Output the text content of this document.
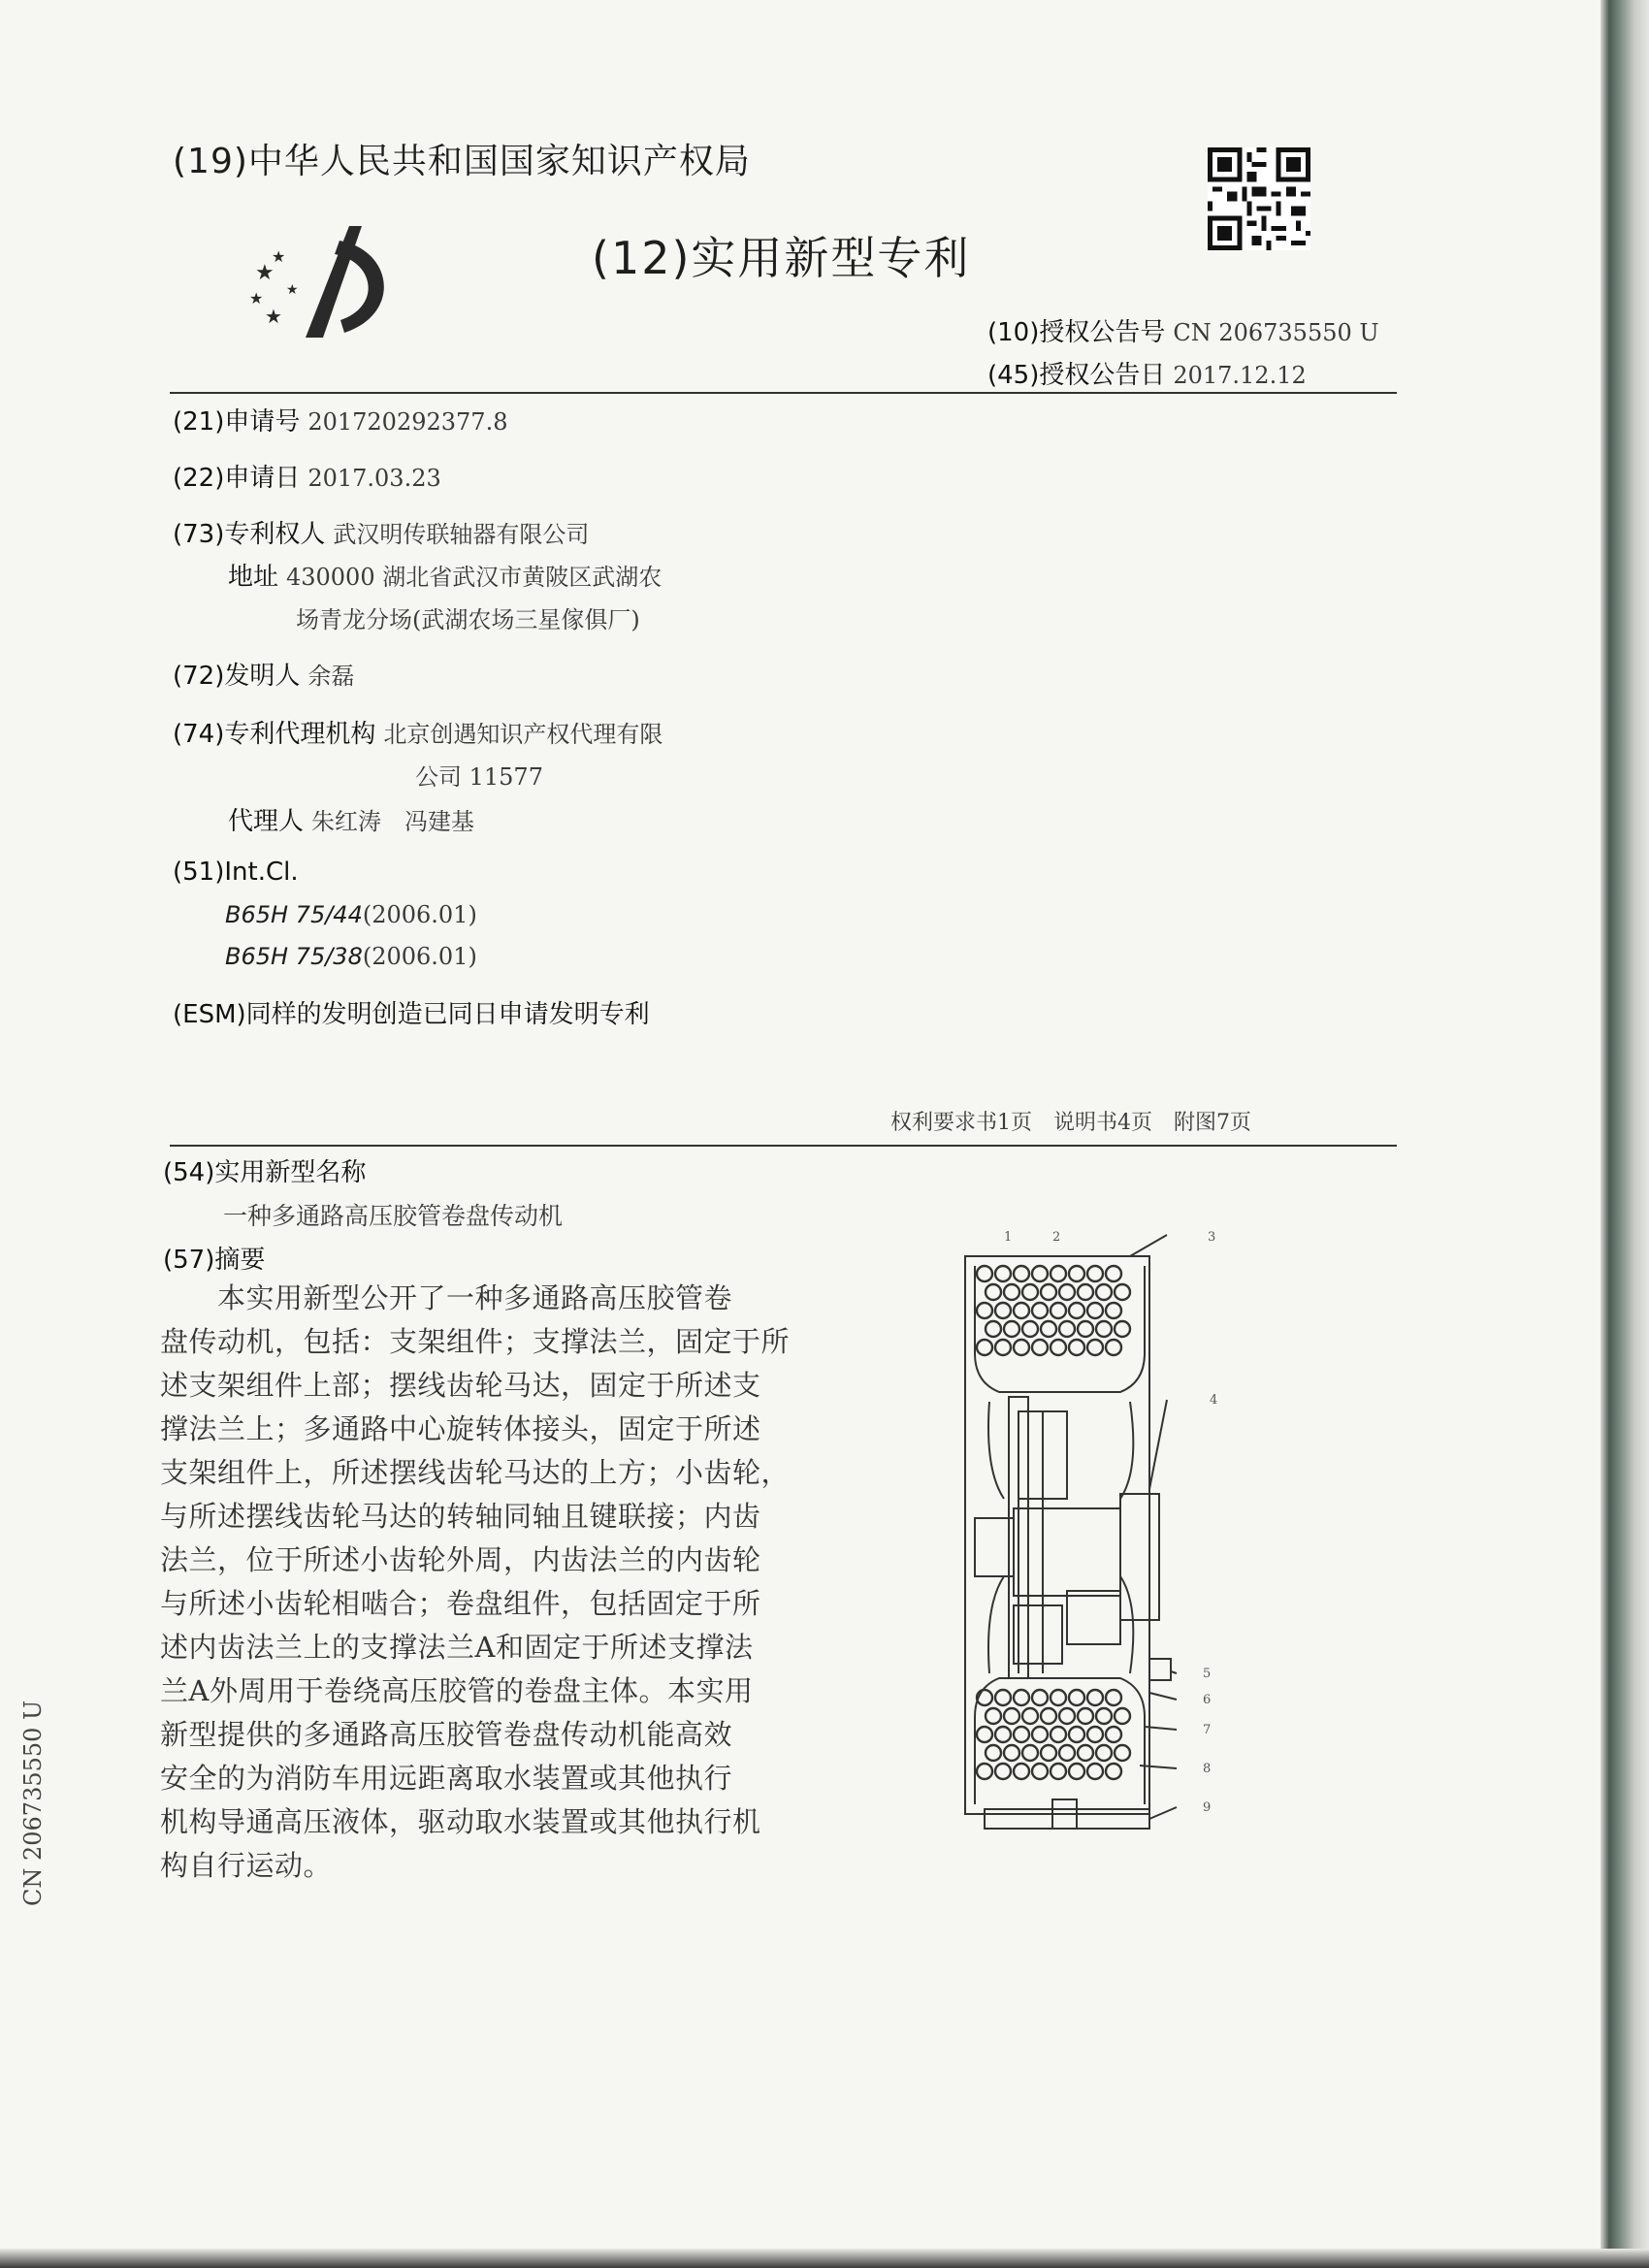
(19)中华人民共和国国家知识产权局
★
★
★
★
★
(12)实用新型专利
(10)授权公告号 CN 206735550 U
(45)授权公告日 2017.12.12
(21)申请号 201720292377.8
(22)申请日 2017.03.23
(73)专利权人 武汉明传联轴器有限公司
地址 430000 湖北省武汉市黄陂区武湖农
场青龙分场(武湖农场三星傢俱厂)
(72)发明人 余磊
(74)专利代理机构 北京创遇知识产权代理有限
公司 11577
代理人 朱红涛　冯建基
(51)Int.Cl.
B65H 75/44(2006.01)
B65H 75/38(2006.01)
(ESM)同样的发明创造已同日申请发明专利
权利要求书1页　说明书4页　附图7页
(54)实用新型名称
一种多通路高压胶管卷盘传动机
(57)摘要
　　本实用新型公开了一种多通路高压胶管卷
盘传动机，包括：支架组件；支撑法兰，固定于所
述支架组件上部；摆线齿轮马达，固定于所述支
撑法兰上；多通路中心旋转体接头，固定于所述
支架组件上，所述摆线齿轮马达的上方；小齿轮，
与所述摆线齿轮马达的转轴同轴且键联接；内齿
法兰，位于所述小齿轮外周，内齿法兰的内齿轮
与所述小齿轮相啮合；卷盘组件，包括固定于所
述内齿法兰上的支撑法兰A和固定于所述支撑法
兰A外周用于卷绕高压胶管的卷盘主体。本实用
新型提供的多通路高压胶管卷盘传动机能高效
安全的为消防车用远距离取水装置或其他执行
机构导通高压液体，驱动取水装置或其他执行机
构自行运动。
CN 206735550 U
1	2	3
4
5
6
7
8
9
